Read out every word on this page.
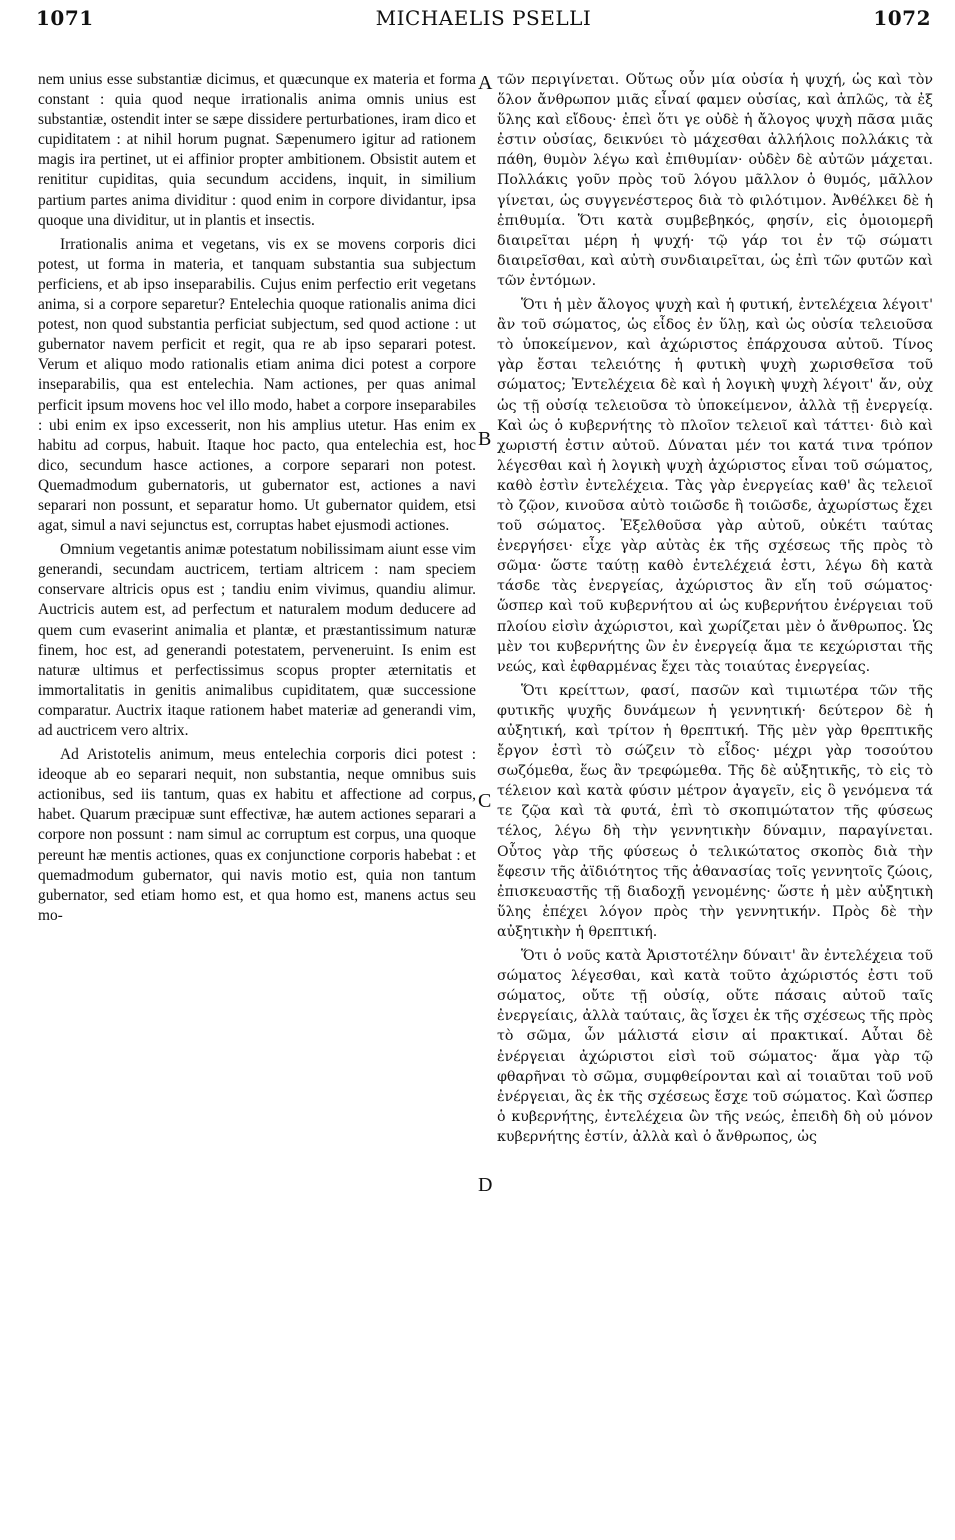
1071	MICHAELIS PSELLI	1072

nem unius esse substantiæ dicimus, et quæcunque ex materia et forma constant : quia quod neque irrationalis anima omnis unius est substantiæ, ostendit inter se sæpe dissidere perturbationes, iram dico et cupiditatem : at nihil horum pugnat. Sæpenumero igitur ad rationem magis ira pertinet, ut ei affinior propter ambitionem. Obsistit autem et renititur cupiditas, quia secundum accidens, inquit, in similium partium partes anima dividitur : quod enim in corpore dividantur, ipsa quoque una dividitur, ut in plantis et insectis.

Irrationalis anima et vegetans, vis ex se movens corporis dici potest, ut forma in materia, et tanquam substantia sua subjectum perficiens, et ab ipso inseparabilis. Cujus enim perfectio erit vegetans anima, si a corpore separetur? Entelechia quoque rationalis anima dici potest, non quod substantia perficiat subjectum, sed quod actione : ut gubernator navem perficit et regit, qua re ab ipso separari potest. Verum et aliquo modo rationalis etiam anima dici potest a corpore inseparabilis, qua est entelechia. Nam actiones, per quas animal perficit ipsum movens hoc vel illo modo, habet a corpore inseparabiles : ubi enim ex ipso excesserit, non his amplius utetur. Has enim ex habitu ad corpus, habuit. Itaque hoc pacto, qua entelechia est, hoc dico, secundum hasce actiones, a corpore separari non potest. Quemadmodum gubernatoris, ut gubernator est, actiones a navi separari non possunt, et separatur homo. Ut gubernator quidem, etsi agat, simul a navi sejunctus est, corruptas habet ejusmodi actiones.

Omnium vegetantis animæ potestatum nobilissimam aiunt esse vim generandi, secundam auctricem, tertiam altricem : nam speciem conservare altricis opus est ; tandiu enim vivimus, quandiu alimur. Auctricis autem est, ad perfectum et naturalem modum deducere ad quem cum evaserint animalia et plantæ, et præstantissimum naturæ finem, hoc est, ad generandi potestatem, perveneruint. Is enim est naturæ ultimus et perfectissimus scopus propter æternitatis et immortalitatis in genitis animalibus cupiditatem, quæ successione comparatur. Auctrix itaque rationem habet materiæ ad generandi vim, ad auctricem vero altrix.

Ad Aristotelis animum, meus entelechia corporis dici potest : ideoque ab eo separari nequit, non substantia, neque omnibus suis actionibus, sed iis tantum, quas ex habitu et affectione ad corpus, habet. Quarum præcipuæ sunt effectivæ, hæ autem actiones separari a corpore non possunt : nam simul ac corruptum est corpus, una quoque pereunt hæ mentis actiones, quas ex conjunctione corporis habebat : et quemadmodum gubernator, qui navis motio est, quia non tantum gubernator, sed etiam homo est, et qua homo est, manens actus seu mo-

A
B
C
D

τῶν περιγίνεται. Οὕτως οὖν μία οὐσία ἡ ψυχή, ὡς καὶ τὸν ὅλον ἄνθρωπον μιᾶς εἶναί φαμεν οὐσίας, καὶ ἁπλῶς, τὰ ἐξ ὕλης καὶ εἴδους· ἐπεὶ ὅτι γε οὐδὲ ἡ ἄλογος ψυχὴ πᾶσα μιᾶς ἐστιν οὐσίας, δεικνύει τὸ μάχεσθαι ἀλλήλοις πολλάκις τὰ πάθη, θυμὸν λέγω καὶ ἐπιθυμίαν· οὐδὲν δὲ αὐτῶν μάχεται. Πολλάκις γοῦν πρὸς τοῦ λόγου μᾶλλον ὁ θυμός, μᾶλλον γίνεται, ὡς συγγενέστερος διὰ τὸ φιλότιμον. Ἀνθέλκει δὲ ἡ ἐπιθυμία. Ὅτι κατὰ συμβεβηκός, φησίν, εἰς ὁμοιομερῆ διαιρεῖται μέρη ἡ ψυχή· τῷ γάρ τοι ἐν τῷ σώματι διαιρεῖσθαι, καὶ αὐτὴ συνδιαιρεῖται, ὡς ἐπὶ τῶν φυτῶν καὶ τῶν ἐντόμων.

Ὅτι ἡ μὲν ἄλογος ψυχὴ καὶ ἡ φυτική, ἐντελέχεια λέγοιτ' ἂν τοῦ σώματος, ὡς εἶδος ἐν ὕλῃ, καὶ ὡς οὐσία τελειοῦσα τὸ ὑποκείμενον, καὶ ἀχώριστος ἐπάρχουσα αὐτοῦ. Τίνος γὰρ ἔσται τελειότης ἡ φυτικὴ ψυχὴ χωρισθεῖσα τοῦ σώματος; Ἐντελέχεια δὲ καὶ ἡ λογικὴ ψυχὴ λέγοιτ' ἄν, οὐχ ὡς τῇ οὐσίᾳ τελειοῦσα τὸ ὑποκείμενον, ἀλλὰ τῇ ἐνεργείᾳ. Καὶ ὡς ὁ κυβερνήτης τὸ πλοῖον τελειοῖ καὶ τάττει· διὸ καὶ χωριστή ἐστιν αὐτοῦ. Δύναται μέν τοι κατά τινα τρόπον λέγεσθαι καὶ ἡ λογικὴ ψυχὴ ἀχώριστος εἶναι τοῦ σώματος, καθὸ ἐστὶν ἐντελέχεια. Τὰς γὰρ ἐνεργείας καθ' ἃς τελειοῖ τὸ ζῷον, κινοῦσα αὐτὸ τοιῶσδε ἢ τοιῶσδε, ἀχωρίστως ἔχει τοῦ σώματος. Ἐξελθοῦσα γὰρ αὐτοῦ, οὐκέτι ταύτας ἐνεργήσει· εἶχε γὰρ αὐτὰς ἐκ τῆς σχέσεως τῆς πρὸς τὸ σῶμα· ὥστε ταύτῃ καθὸ ἐντελέχειά ἐστι, λέγω δὴ κατὰ τάσδε τὰς ἐνεργείας, ἀχώριστος ἂν εἴη τοῦ σώματος· ὥσπερ καὶ τοῦ κυβερνήτου αἱ ὡς κυβερνήτου ἐνέργειαι τοῦ πλοίου εἰσὶν ἀχώριστοι, καὶ χωρίζεται μὲν ὁ ἄνθρωπος. Ὡς μὲν τοι κυβερνήτης ὢν ἐν ἐνεργείᾳ ἅμα τε κεχώρισται τῆς νεώς, καὶ ἐφθαρμένας ἔχει τὰς τοιαύτας ἐνεργείας.

Ὅτι κρείττων, φασί, πασῶν καὶ τιμιωτέρα τῶν τῆς φυτικῆς ψυχῆς δυνάμεων ἡ γεννητική· δεύτερον δὲ ἡ αὐξητική, καὶ τρίτον ἡ θρεπτική. Τῆς μὲν γὰρ θρεπτικῆς ἔργον ἐστὶ τὸ σώζειν τὸ εἶδος· μέχρι γὰρ τοσούτου σωζόμεθα, ἕως ἂν τρεφώμεθα. Τῆς δὲ αὐξητικῆς, τὸ εἰς τὸ τέλειον καὶ κατὰ φύσιν μέτρον ἀγαγεῖν, εἰς ὃ γενόμενα τά τε ζῷα καὶ τὰ φυτά, ἐπὶ τὸ σκοπιμώτατον τῆς φύσεως τέλος, λέγω δὴ τὴν γεννητικὴν δύναμιν, παραγίνεται. Οὗτος γὰρ τῆς φύσεως ὁ τελικώτατος σκοπὸς διὰ τὴν ἔφεσιν τῆς ἀϊδιότητος τῆς ἀθανασίας τοῖς γεννητοῖς ζώοις, ἐπισκευαστῆς τῇ διαδοχῇ γενομένης· ὥστε ἡ μὲν αὐξητικὴ ὕλης ἐπέχει λόγον πρὸς τὴν γεννητικήν. Πρὸς δὲ τὴν αὐξητικὴν ἡ θρεπτική.

Ὅτι ὁ νοῦς κατὰ Ἀριστοτέλην δύναιτ' ἂν ἐντελέχεια τοῦ σώματος λέγεσθαι, καὶ κατὰ τοῦτο ἀχώριστός ἐστι τοῦ σώματος, οὔτε τῇ οὐσίᾳ, οὔτε πάσαις αὐτοῦ ταῖς ἐνεργείαις, ἀλλὰ ταύταις, ἃς ἴσχει ἐκ τῆς σχέσεως τῆς πρὸς τὸ σῶμα, ὧν μάλιστά εἰσιν αἱ πρακτικαί. Αὗται δὲ ἐνέργειαι ἀχώριστοι εἰσὶ τοῦ σώματος· ἅμα γὰρ τῷ φθαρῆναι τὸ σῶμα, συμφθείρονται καὶ αἱ τοιαῦται τοῦ νοῦ ἐνέργειαι, ἃς ἐκ τῆς σχέσεως ἔσχε τοῦ σώματος. Καὶ ὥσπερ ὁ κυβερνήτης, ἐντελέχεια ὢν τῆς νεώς, ἐπειδὴ δὴ οὐ μόνον κυβερνήτης ἐστίν, ἀλλὰ καὶ ὁ ἄνθρωπος, ὡς
